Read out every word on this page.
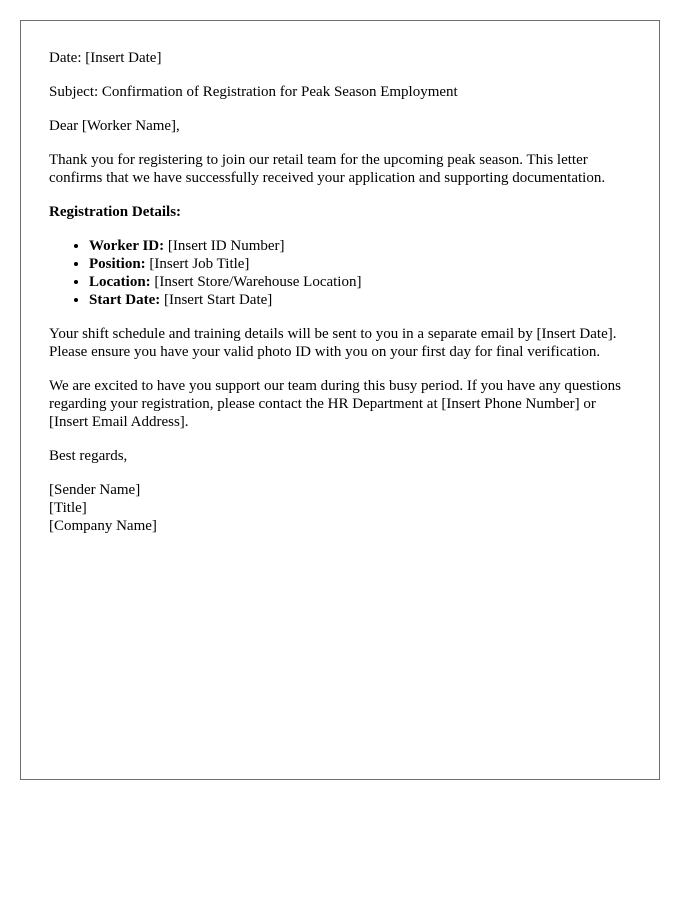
Date: [Insert Date]

Subject: Confirmation of Registration for Peak Season Employment

Dear [Worker Name],

Thank you for registering to join our retail team for the upcoming peak season. This letter confirms that we have successfully received your application and supporting documentation.

Registration Details:

• Worker ID: [Insert ID Number]
• Position: [Insert Job Title]
• Location: [Insert Store/Warehouse Location]
• Start Date: [Insert Start Date]

Your shift schedule and training details will be sent to you in a separate email by [Insert Date]. Please ensure you have your valid photo ID with you on your first day for final verification.

We are excited to have you support our team during this busy period. If you have any questions regarding your registration, please contact the HR Department at [Insert Phone Number] or [Insert Email Address].

Best regards,

[Sender Name]

[Title]

[Company Name]
